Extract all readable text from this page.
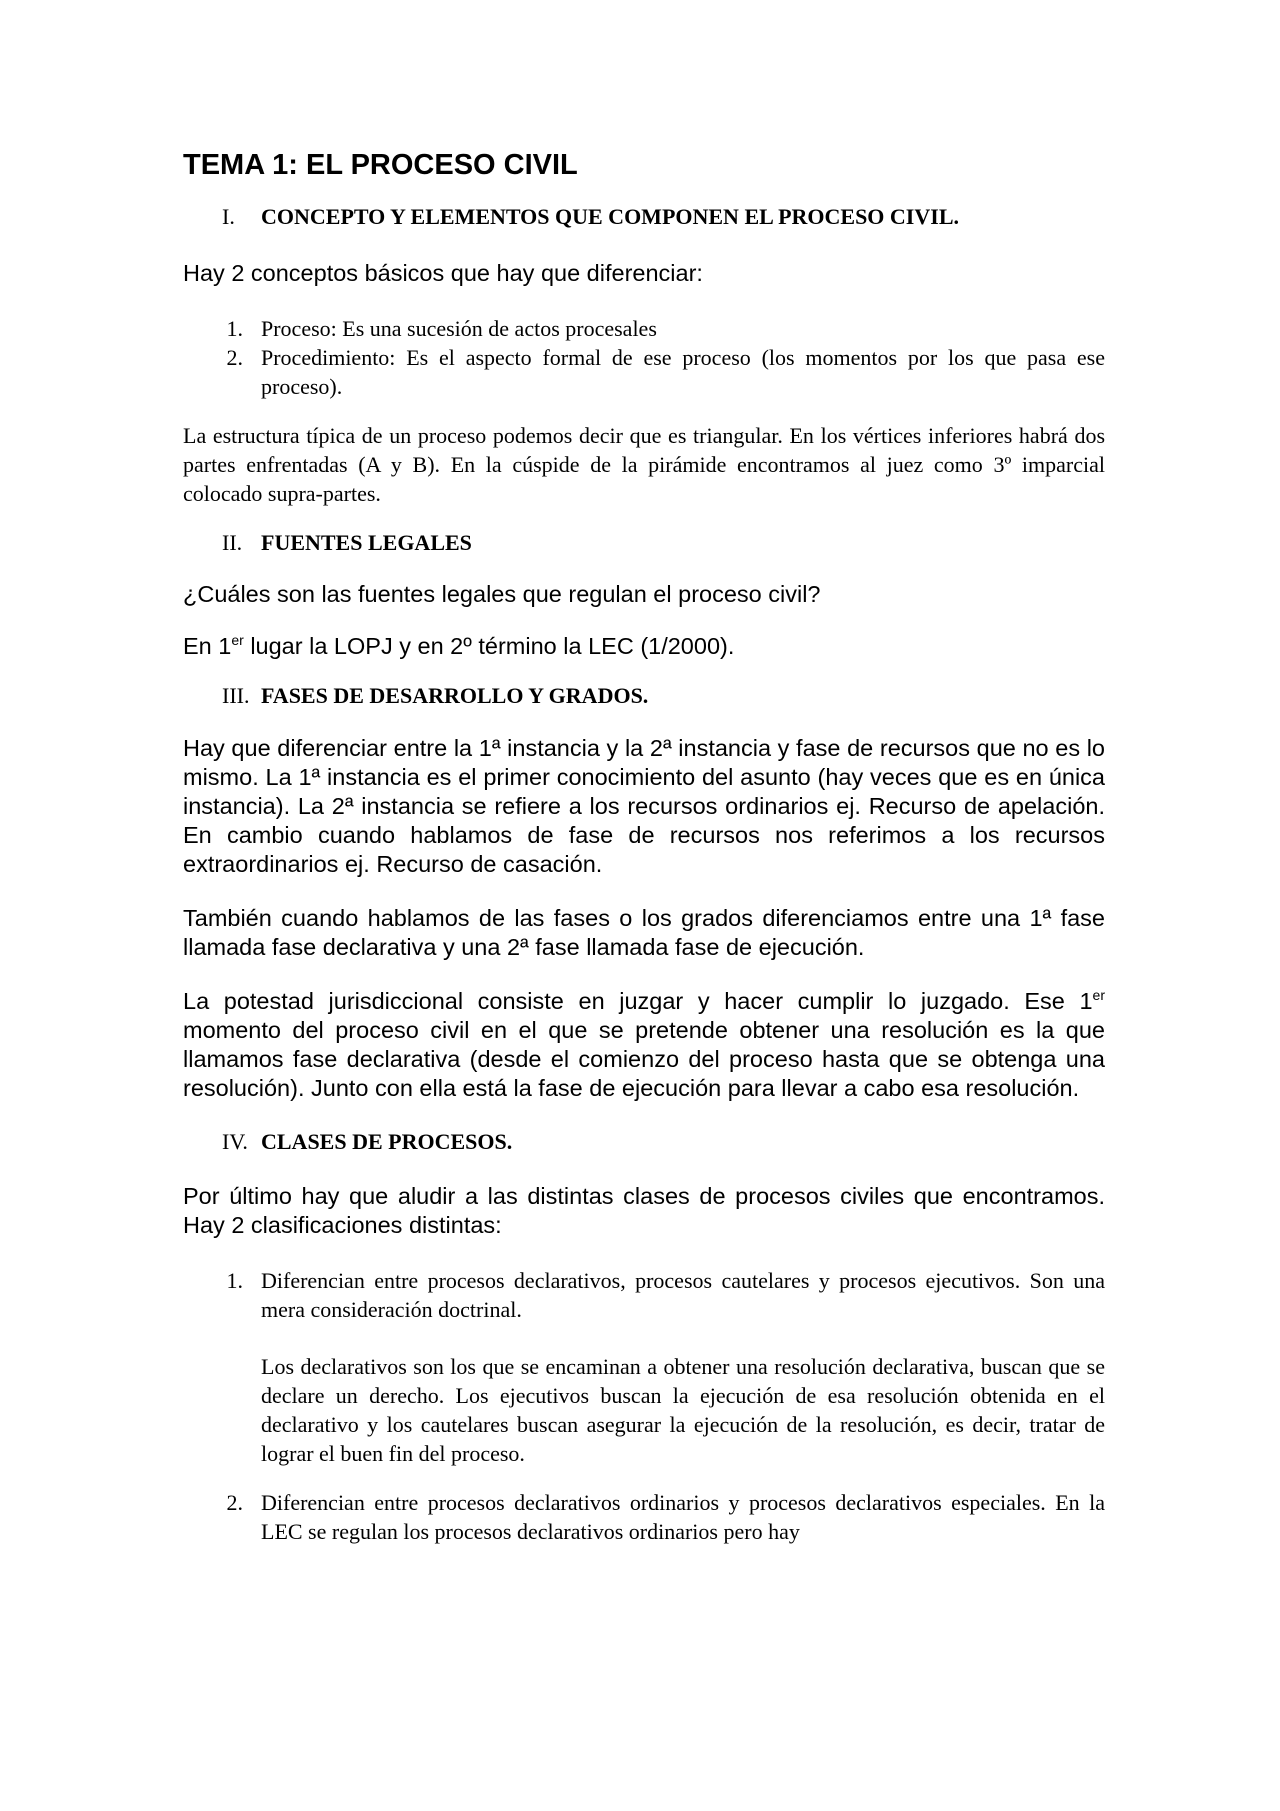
TEMA 1: EL PROCESO CIVIL
I.	CONCEPTO Y ELEMENTOS QUE COMPONEN EL PROCESO CIVIL.

Hay 2 conceptos básicos que hay que diferenciar:

1. Proceso: Es una sucesión de actos procesales
2. Procedimiento: Es el aspecto formal de ese proceso (los momentos por los que pasa ese proceso).

La estructura típica de un proceso podemos decir que es triangular. En los vértices inferiores habrá dos partes enfrentadas (A y B). En la cúspide de la pirámide encontramos al juez como 3º imparcial colocado supra-partes.

II. FUENTES LEGALES

¿Cuáles son las fuentes legales que regulan el proceso civil?

En 1er lugar la LOPJ y en 2º término la LEC (1/2000).

III. FASES DE DESARROLLO Y GRADOS.

Hay que diferenciar entre la 1ª instancia y la 2ª instancia y fase de recursos que no es lo mismo. La 1ª instancia es el primer conocimiento del asunto (hay veces que es en única instancia). La 2ª instancia se refiere a los recursos ordinarios ej. Recurso de apelación. En cambio cuando hablamos de fase de recursos nos referimos a los recursos extraordinarios ej. Recurso de casación.

También cuando hablamos de las fases o los grados diferenciamos entre una 1ª fase llamada fase declarativa y una 2ª fase llamada fase de ejecución.

La potestad jurisdiccional consiste en juzgar y hacer cumplir lo juzgado. Ese 1er momento del proceso civil en el que se pretende obtener una resolución es la que llamamos fase declarativa (desde el comienzo del proceso hasta que se obtenga una resolución). Junto con ella está la fase de ejecución para llevar a cabo esa resolución.

IV. CLASES DE PROCESOS.

Por último hay que aludir a las distintas clases de procesos civiles que encontramos. Hay 2 clasificaciones distintas:

1. Diferencian entre procesos declarativos, procesos cautelares y procesos ejecutivos. Son una mera consideración doctrinal.

Los declarativos son los que se encaminan a obtener una resolución declarativa, buscan que se declare un derecho. Los ejecutivos buscan la ejecución de esa resolución obtenida en el declarativo y los cautelares buscan asegurar la ejecución de la resolución, es decir, tratar de lograr el buen fin del proceso.

2. Diferencian entre procesos declarativos ordinarios y procesos declarativos especiales. En la LEC se regulan los procesos declarativos ordinarios pero hay
